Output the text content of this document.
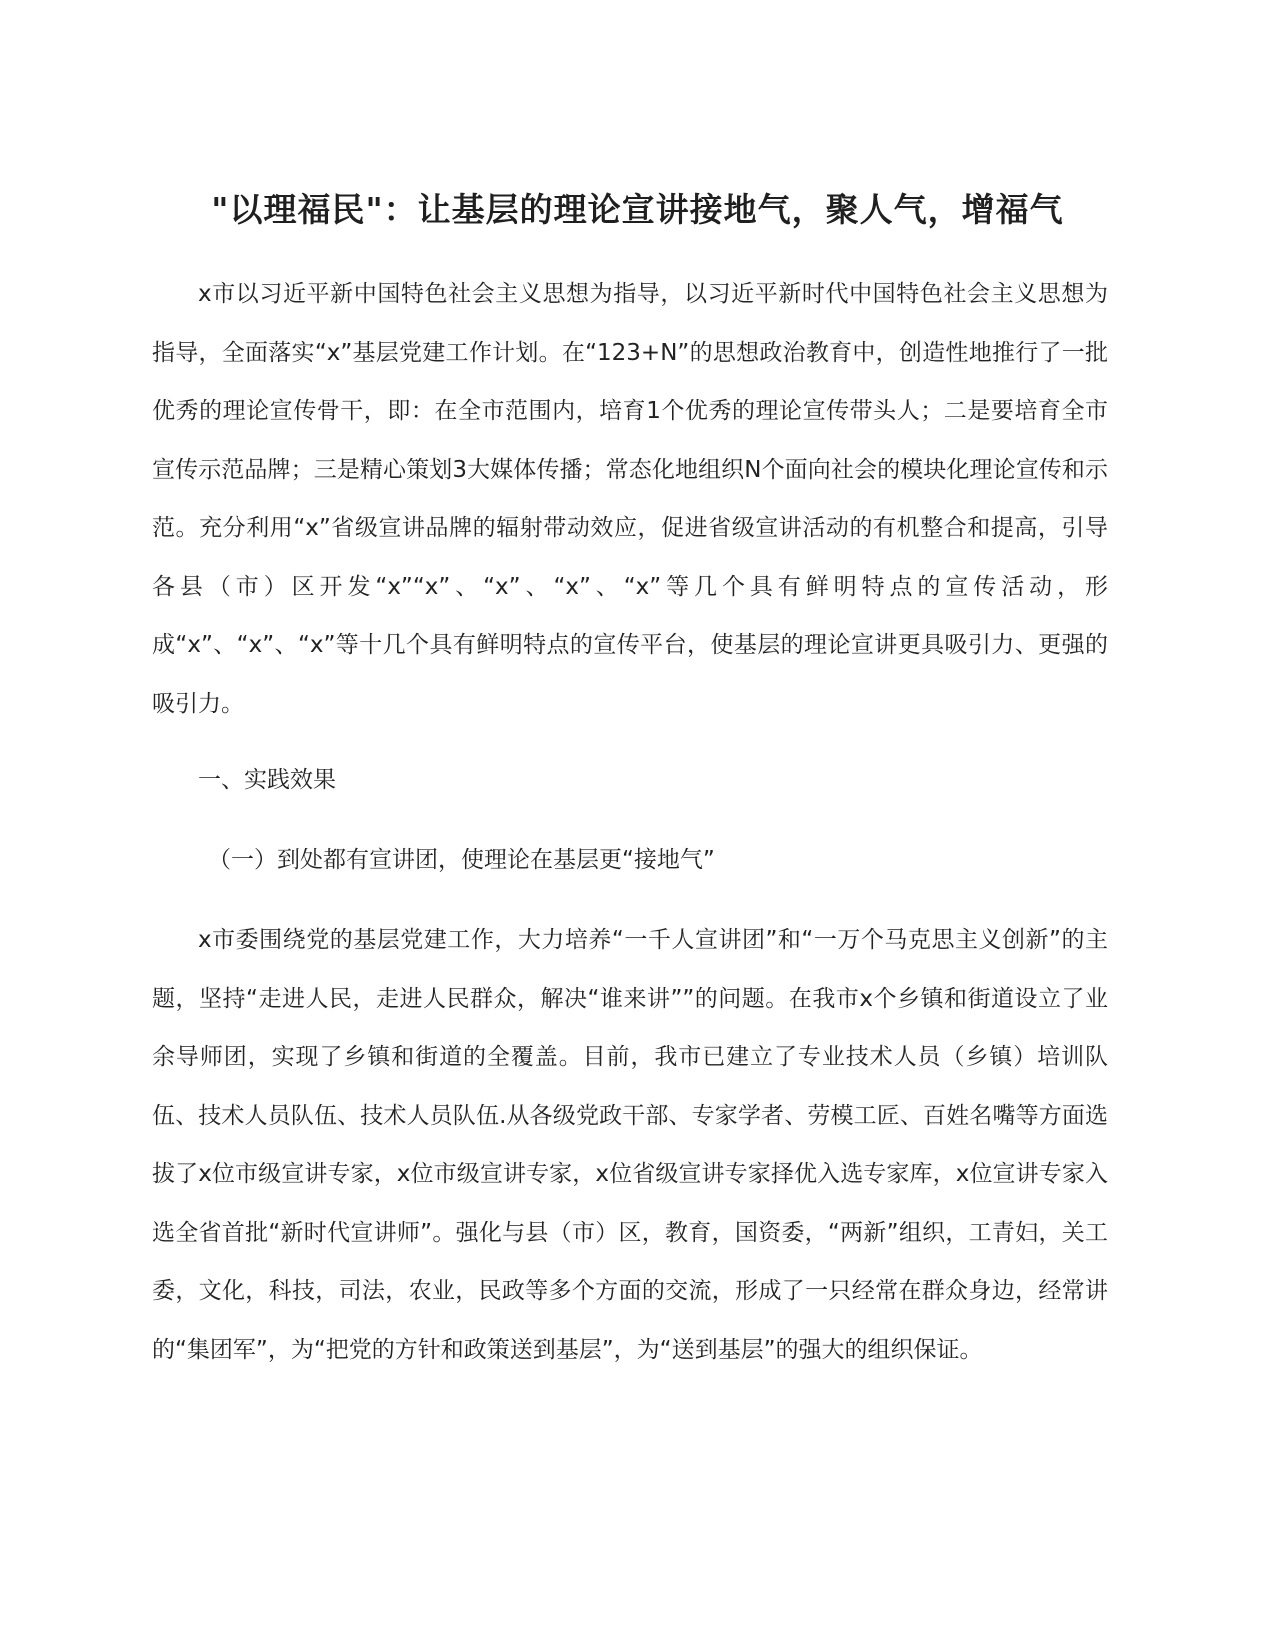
"以理福民"：让基层的理论宣讲接地气，聚人气，增福气

x市以习近平新中国特色社会主义思想为指导，以习近平新时代中国特色社会主义思想为指导，全面落实“x”基层党建工作计划。在“123+N”的思想政治教育中，创造性地推行了一批优秀的理论宣传骨干，即：在全市范围内，培育1个优秀的理论宣传带头人；二是要培育全市宣传示范品牌；三是精心策划3大媒体传播；常态化地组织N个面向社会的模块化理论宣传和示范。充分利用“x”省级宣讲品牌的辐射带动效应，促进省级宣讲活动的有机整合和提高，引导各县（市）区开发“x”“x”、“x”、“x”、“x”等几个具有鲜明特点的宣传活动，形成“x”、“x”、“x”等十几个具有鲜明特点的宣传平台，使基层的理论宣讲更具吸引力、更强的吸引力。

一、实践效果
（一）到处都有宣讲团，使理论在基层更“接地气”

x市委围绕党的基层党建工作，大力培养“一千人宣讲团”和“一万个马克思主义创新”的主题，坚持“走进人民，走进人民群众，解决“谁来讲””的问题。在我市x个乡镇和街道设立了业余导师团，实现了乡镇和街道的全覆盖。目前，我市已建立了专业技术人员（乡镇）培训队伍、技术人员队伍、技术人员队伍.从各级党政干部、专家学者、劳模工匠、百姓名嘴等方面选拔了x位市级宣讲专家，x位市级宣讲专家，x位省级宣讲专家择优入选专家库，x位宣讲专家入选全省首批“新时代宣讲师”。强化与县（市）区，教育，国资委，“两新”组织，工青妇，关工委，文化，科技，司法，农业，民政等多个方面的交流，形成了一只经常在群众身边，经常讲的“集团军”，为“把党的方针和政策送到基层”，为“送到基层”的强大的组织保证。
